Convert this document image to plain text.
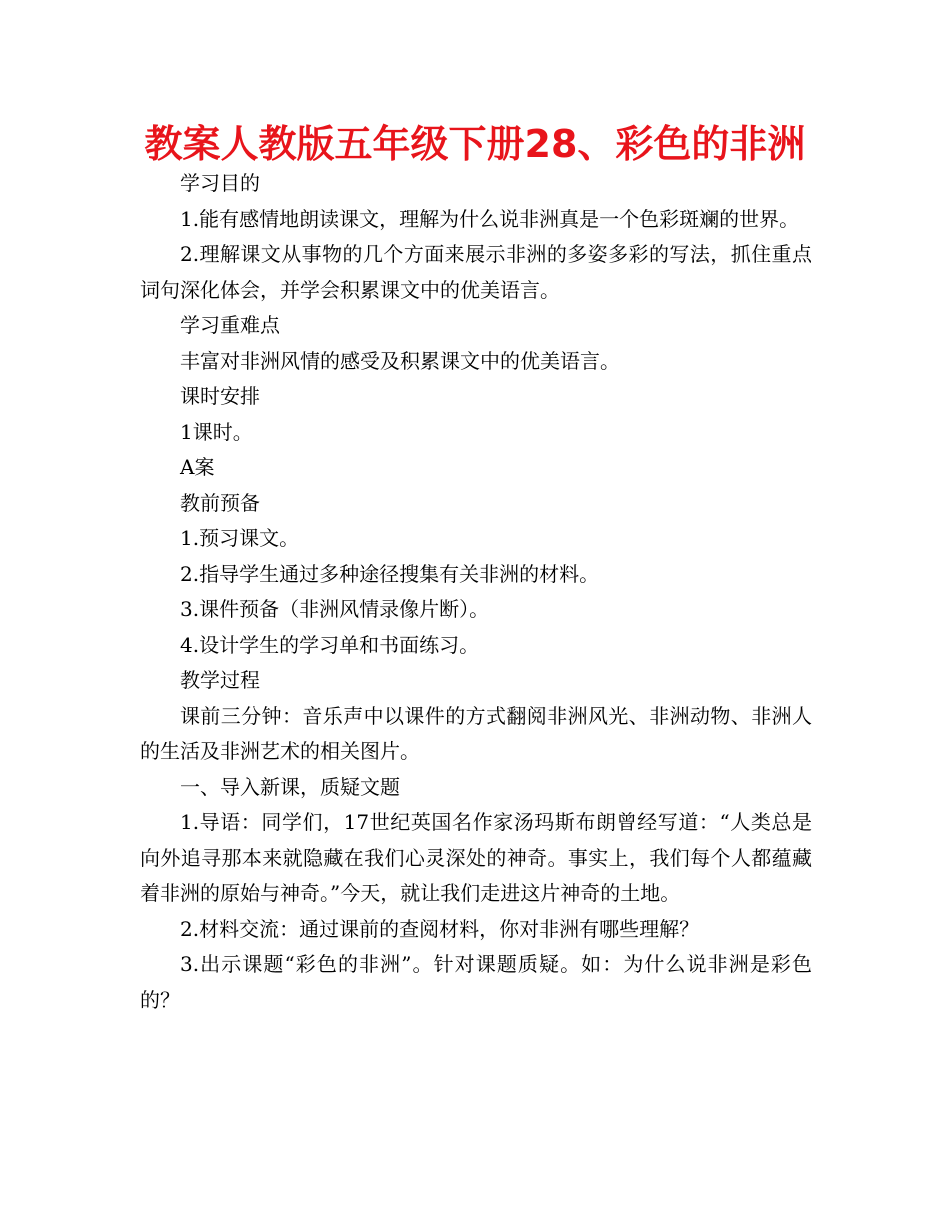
教案人教版五年级下册28、彩色的非洲

学习目的

1.能有感情地朗读课文，理解为什么说非洲真是一个色彩斑斓的世界。

2.理解课文从事物的几个方面来展示非洲的多姿多彩的写法，抓住重点词句深化体会，并学会积累课文中的优美语言。

学习重难点

丰富对非洲风情的感受及积累课文中的优美语言。

课时安排

1课时。

A案

教前预备

1.预习课文。

2.指导学生通过多种途径搜集有关非洲的材料。

3.课件预备（非洲风情录像片断）。

4.设计学生的学习单和书面练习。

教学过程

课前三分钟：音乐声中以课件的方式翻阅非洲风光、非洲动物、非洲人的生活及非洲艺术的相关图片。

一、导入新课，质疑文题

1.导语：同学们，17世纪英国名作家汤玛斯布朗曾经写道：“人类总是向外追寻那本来就隐藏在我们心灵深处的神奇。事实上，我们每个人都蕴藏着非洲的原始与神奇。”今天，就让我们走进这片神奇的土地。

2.材料交流：通过课前的查阅材料，你对非洲有哪些理解？

3.出示课题“彩色的非洲”。针对课题质疑。如：为什么说非洲是彩色的？
